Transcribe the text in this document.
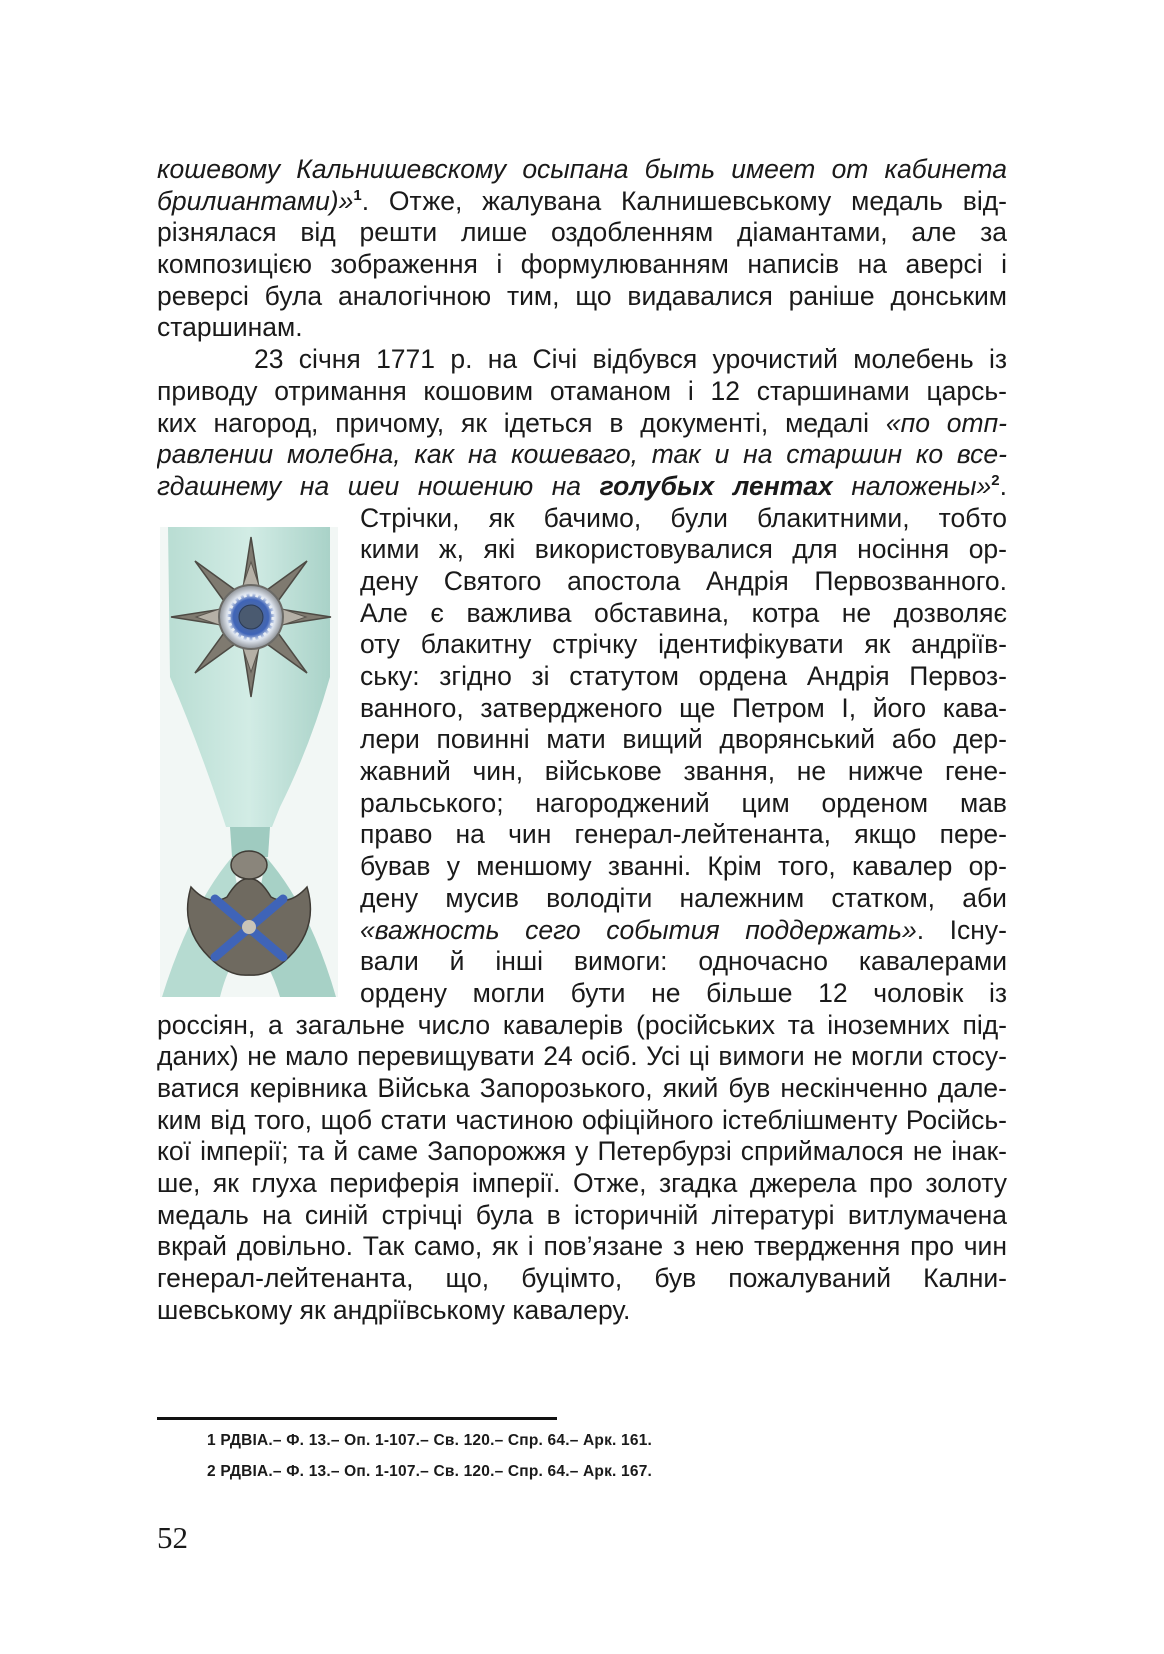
кошевому Кальнишевскому осыпана быть имеет от кабинета
брилиантами)»$^1$. Отже, жалувана Калнишевському медаль від-
різнялася від решти лише оздобленням діамантами, але за
композицією зображення і формулюванням написів на аверсі і
реверсі була аналогічною тим, що видавалися раніше донським
старшинам.
23 січня 1771 р. на Січі відбувся урочистий молебень із
приводу отримання кошовим отаманом і 12 старшинами царсь-
ких нагород, причому, як ідеться в документі, медалі «по отп-
равлении молебна, как на кошеваго, так и на старшин ко все-
гдашнему на шеи ношению на голубых лентах наложены»$^2$.
Стрічки, як бачимо, були блакитними, тобто
кими ж, які використовувалися для носіння ор-
дену Святого апостола Андрія Первозванного.
Але є важлива обставина, котра не дозволяє
оту блакитну стрічку ідентифікувати як андріїв-
ську: згідно зі статутом ордена Андрія Первоз-
ванного, затвердженого ще Петром І, його кава-
лери повинні мати вищий дворянський або дер-
жавний чин, військове звання, не нижче гене-
ральського; нагороджений цим орденом мав
право на чин генерал-лейтенанта, якщо пере-
бував у меншому званні. Крім того, кавалер ор-
дену мусив володіти належним статком, аби
«важность сего события поддержать». Існу-
вали й інші вимоги: одночасно кавалерами
ордену могли бути не більше 12 чоловік із
россіян, а загальне число кавалерів (російських та іноземних під-
даних) не мало перевищувати 24 осіб. Усі ці вимоги не могли стосу-
ватися керівника Війська Запорозького, який був нескінченно дале-
ким від того, щоб стати частиною офіційного істеблішменту Російсь-
кої імперії; та й саме Запорожжя у Петербурзі сприймалося не інак-
ше, як глуха периферія імперії. Отже, згадка джерела про золоту
медаль на синій стрічці була в історичній літературі витлумачена
вкрай довільно. Так само, як і пов’язане з нею твердження про чин
генерал-лейтенанта, що, буцімто, був пожалуваний Кални-
шевському як андріївському кавалеру.
1 РДВІА.– Ф. 13.– Оп. 1-107.– Св. 120.– Спр. 64.– Арк. 161.
2 РДВІА.– Ф. 13.– Оп. 1-107.– Св. 120.– Спр. 64.– Арк. 167.
52
